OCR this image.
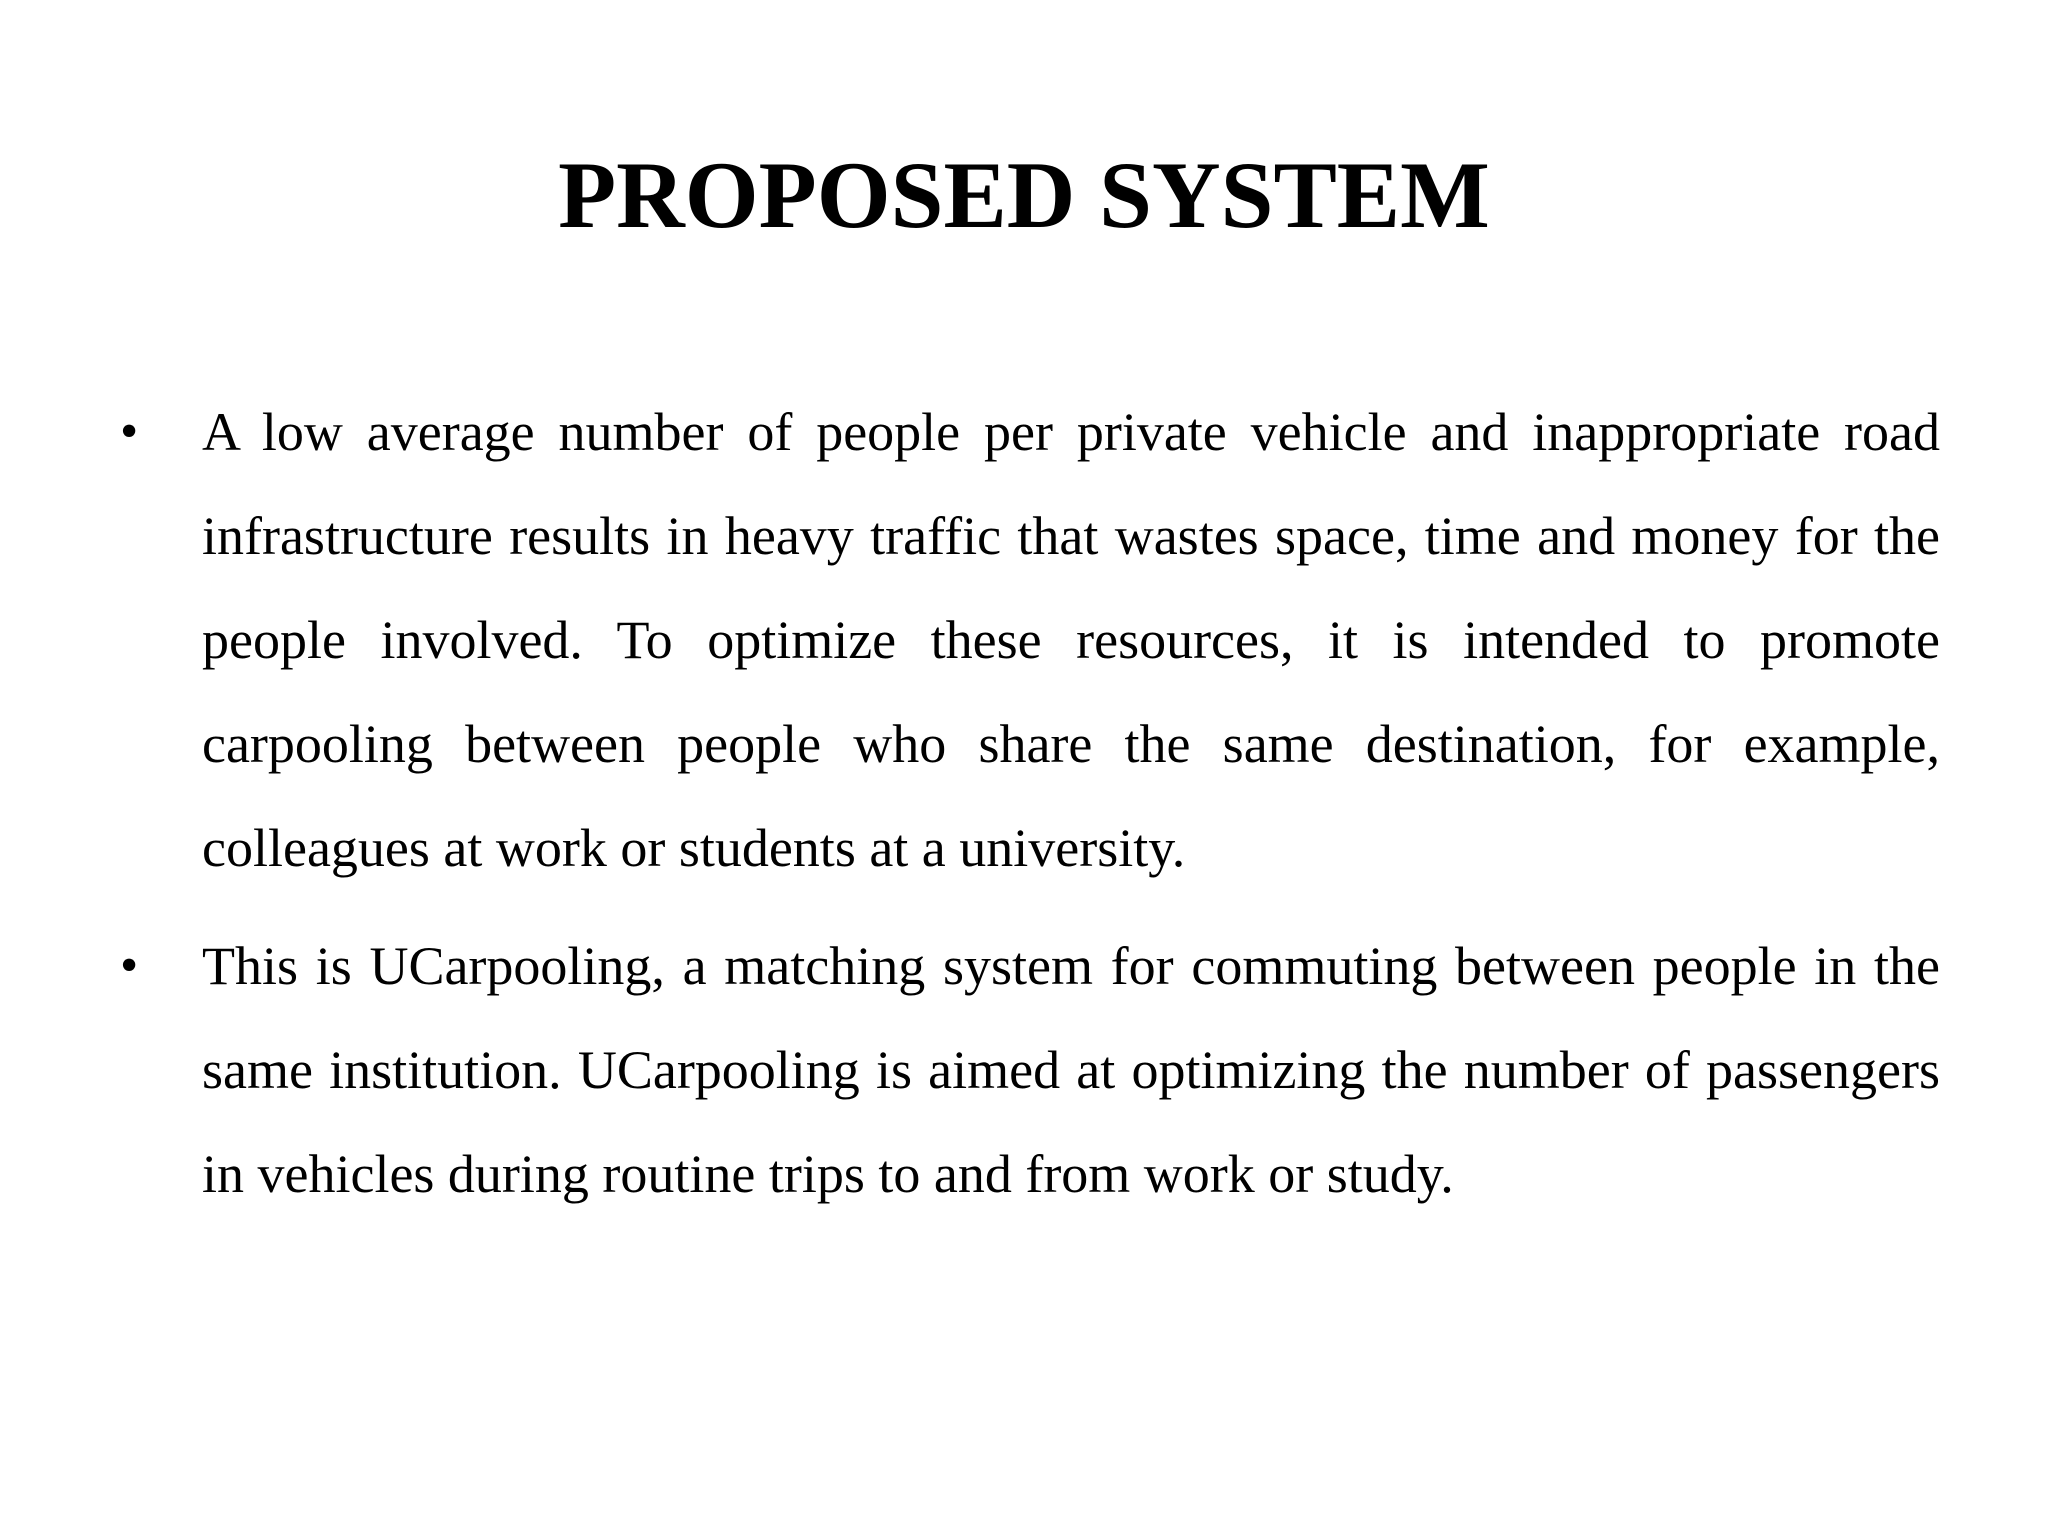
PROPOSED SYSTEM
• A low average number of people per private vehicle and inappropriate road infrastructure results in heavy traffic that wastes space, time and money for the people involved. To optimize these resources, it is intended to promote carpooling between people who share the same destination, for example, colleagues at work or students at a university.
• This is UCarpooling, a matching system for commuting between people in the same institution. UCarpooling is aimed at optimizing the number of passengers in vehicles during routine trips to and from work or study.
